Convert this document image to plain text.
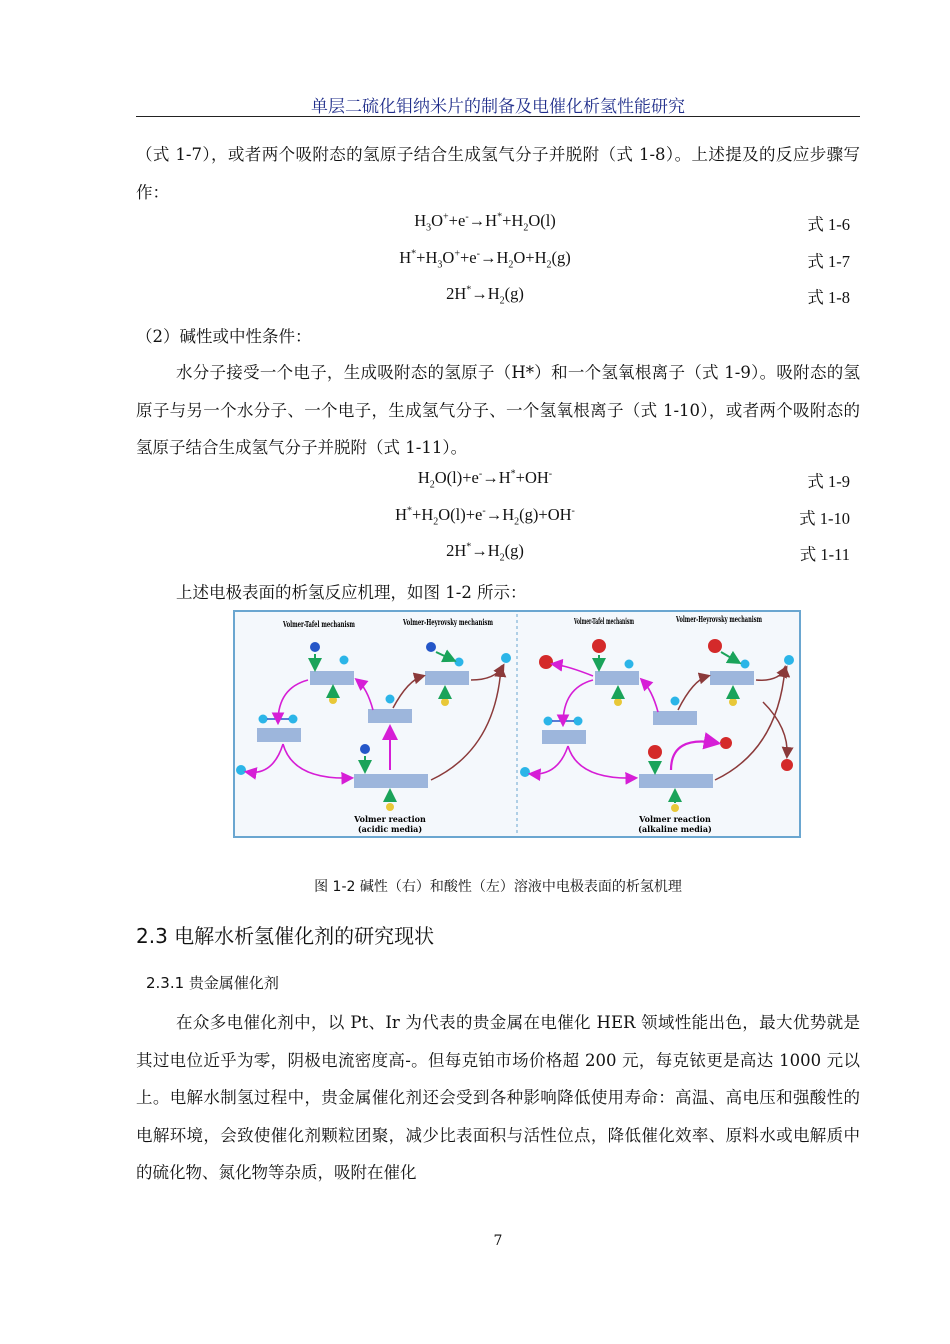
单层二硫化钼纳米片的制备及电催化析氢性能研究
（式 1-7），或者两个吸附态的氢原子结合生成氢气分子并脱附（式 1-8）。上述提及的反应步骤写作：
$H_3O^++e^-\to H^*+H_2O(l)$	式 1-6
$H^*+H_3O^++e^-\to H_2O+H_2(g)$	式 1-7
$2H^*\to H_2(g)$	式 1-8
（2）碱性或中性条件：
水分子接受一个电子，生成吸附态的氢原子（H*）和一个氢氧根离子（式 1-9）。吸附态的氢原子与另一个水分子、一个电子，生成氢气分子、一个氢氧根离子（式 1-10），或者两个吸附态的氢原子结合生成氢气分子并脱附（式 1-11）。
$H_2O(l)+e^-\to H^*+OH^-$	式 1-9
$H^*+H_2O(l)+e^-\to H_2(g)+OH^-$	式 1-10
$2H^*\to H_2(g)$	式 1-11
上述电极表面的析氢反应机理，如图 1-2 所示：
Volmer-Tafel mechanism	Volmer-Heyrovsky mechanism
Volmer reaction
(acidic media)
Volmer-Tafel mechanism	Volmer-Heyrovsky mechanism
Volmer reaction
(alkaline media)
图 1-2 碱性（右）和酸性（左）溶液中电极表面的析氢机理
2.3 电解水析氢催化剂的研究现状
2.3.1 贵金属催化剂
在众多电催化剂中，以 Pt、Ir 为代表的贵金属在电催化 HER 领域性能出色，最大优势就是其过电位近乎为零，阴极电流密度高-。但每克铂市场价格超 200 元，每克铱更是高达 1000 元以上。电解水制氢过程中，贵金属催化剂还会受到各种影响降低使用寿命：高温、高电压和强酸性的电解环境，会致使催化剂颗粒团聚，减少比表面积与活性位点，降低催化效率、原料水或电解质中的硫化物、氮化物等杂质，吸附在催化
7
